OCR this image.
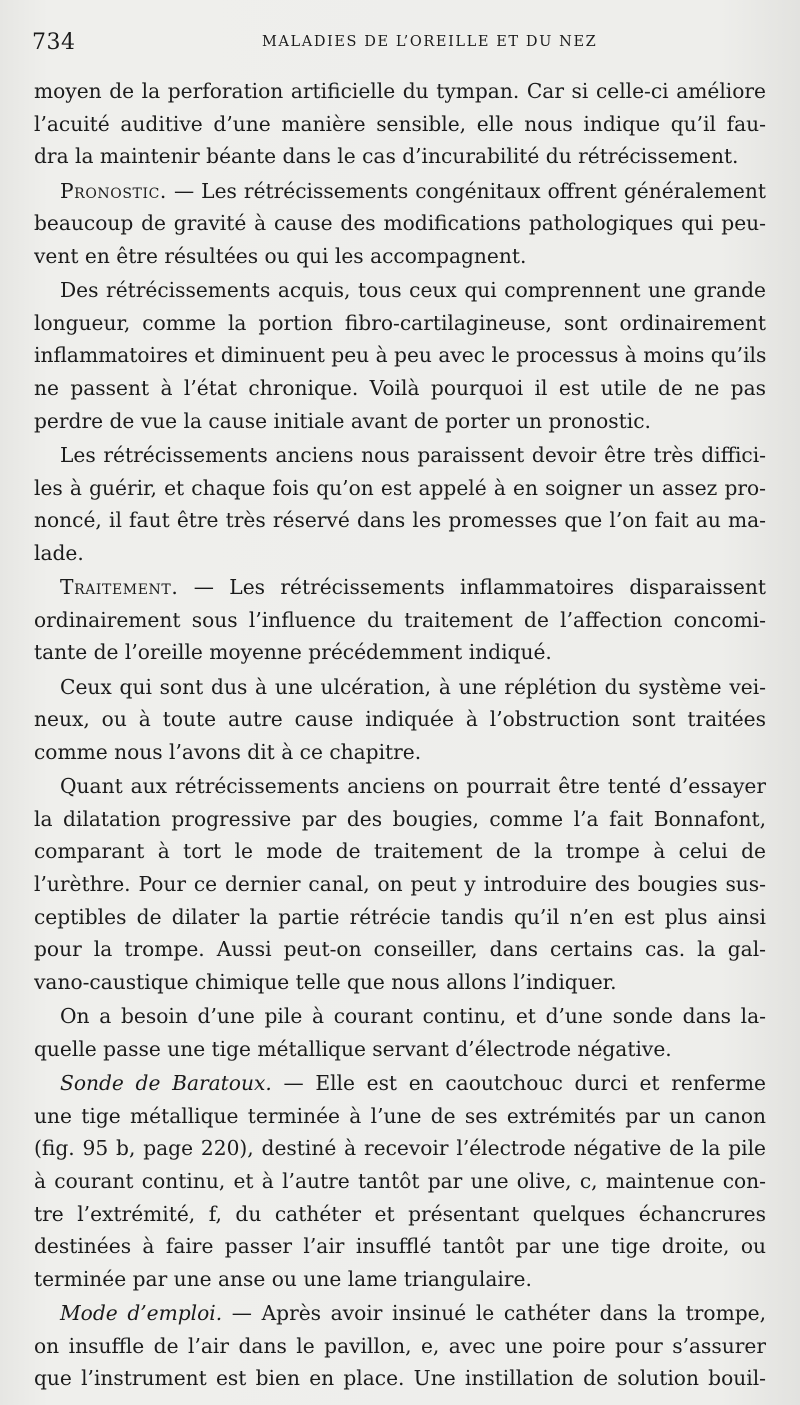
734	MALADIES DE L’OREILLE ET DU NEZ
moyen de la perforation artificielle du tympan. Car si celle-ci améliore
l’acuité auditive d’une manière sensible, elle nous indique qu’il fau-
dra la maintenir béante dans le cas d’incurabilité du rétrécissement.
Pronostic. — Les rétrécissements congénitaux offrent généralement
beaucoup de gravité à cause des modifications pathologiques qui peu-
vent en être résultées ou qui les accompagnent.
Des rétrécissements acquis, tous ceux qui comprennent une grande
longueur, comme la portion fibro-cartilagineuse, sont ordinairement
inflammatoires et diminuent peu à peu avec le processus à moins qu’ils
ne passent à l’état chronique. Voilà pourquoi il est utile de ne pas
perdre de vue la cause initiale avant de porter un pronostic.
Les rétrécissements anciens nous paraissent devoir être très diffici-
les à guérir, et chaque fois qu’on est appelé à en soigner un assez pro-
noncé, il faut être très réservé dans les promesses que l’on fait au ma-
lade.
Traitement. — Les rétrécissements inflammatoires disparaissent
ordinairement sous l’influence du traitement de l’affection concomi-
tante de l’oreille moyenne précédemment indiqué.
Ceux qui sont dus à une ulcération, à une réplétion du système vei-
neux, ou à toute autre cause indiquée à l’obstruction sont traitées
comme nous l’avons dit à ce chapitre.
Quant aux rétrécissements anciens on pourrait être tenté d’essayer
la dilatation progressive par des bougies, comme l’a fait Bonnafont,
comparant à tort le mode de traitement de la trompe à celui de
l’urèthre. Pour ce dernier canal, on peut y introduire des bougies sus-
ceptibles de dilater la partie rétrécie tandis qu’il n’en est plus ainsi
pour la trompe. Aussi peut-on conseiller, dans certains cas. la gal-
vano-caustique chimique telle que nous allons l’indiquer.
On a besoin d’une pile à courant continu, et d’une sonde dans la-
quelle passe une tige métallique servant d’électrode négative.
Sonde de Baratoux. — Elle est en caoutchouc durci et renferme
une tige métallique terminée à l’une de ses extrémités par un canon
(fig. 95 b, page 220), destiné à recevoir l’électrode négative de la pile
à courant continu, et à l’autre tantôt par une olive, c, maintenue con-
tre l’extrémité, f, du cathéter et présentant quelques échancrures
destinées à faire passer l’air insufflé tantôt par une tige droite, ou
terminée par une anse ou une lame triangulaire.
Mode d’emploi. — Après avoir insinué le cathéter dans la trompe,
on insuffle de l’air dans le pavillon, e, avec une poire pour s’assurer
que l’instrument est bien en place. Une instillation de solution bouil-
